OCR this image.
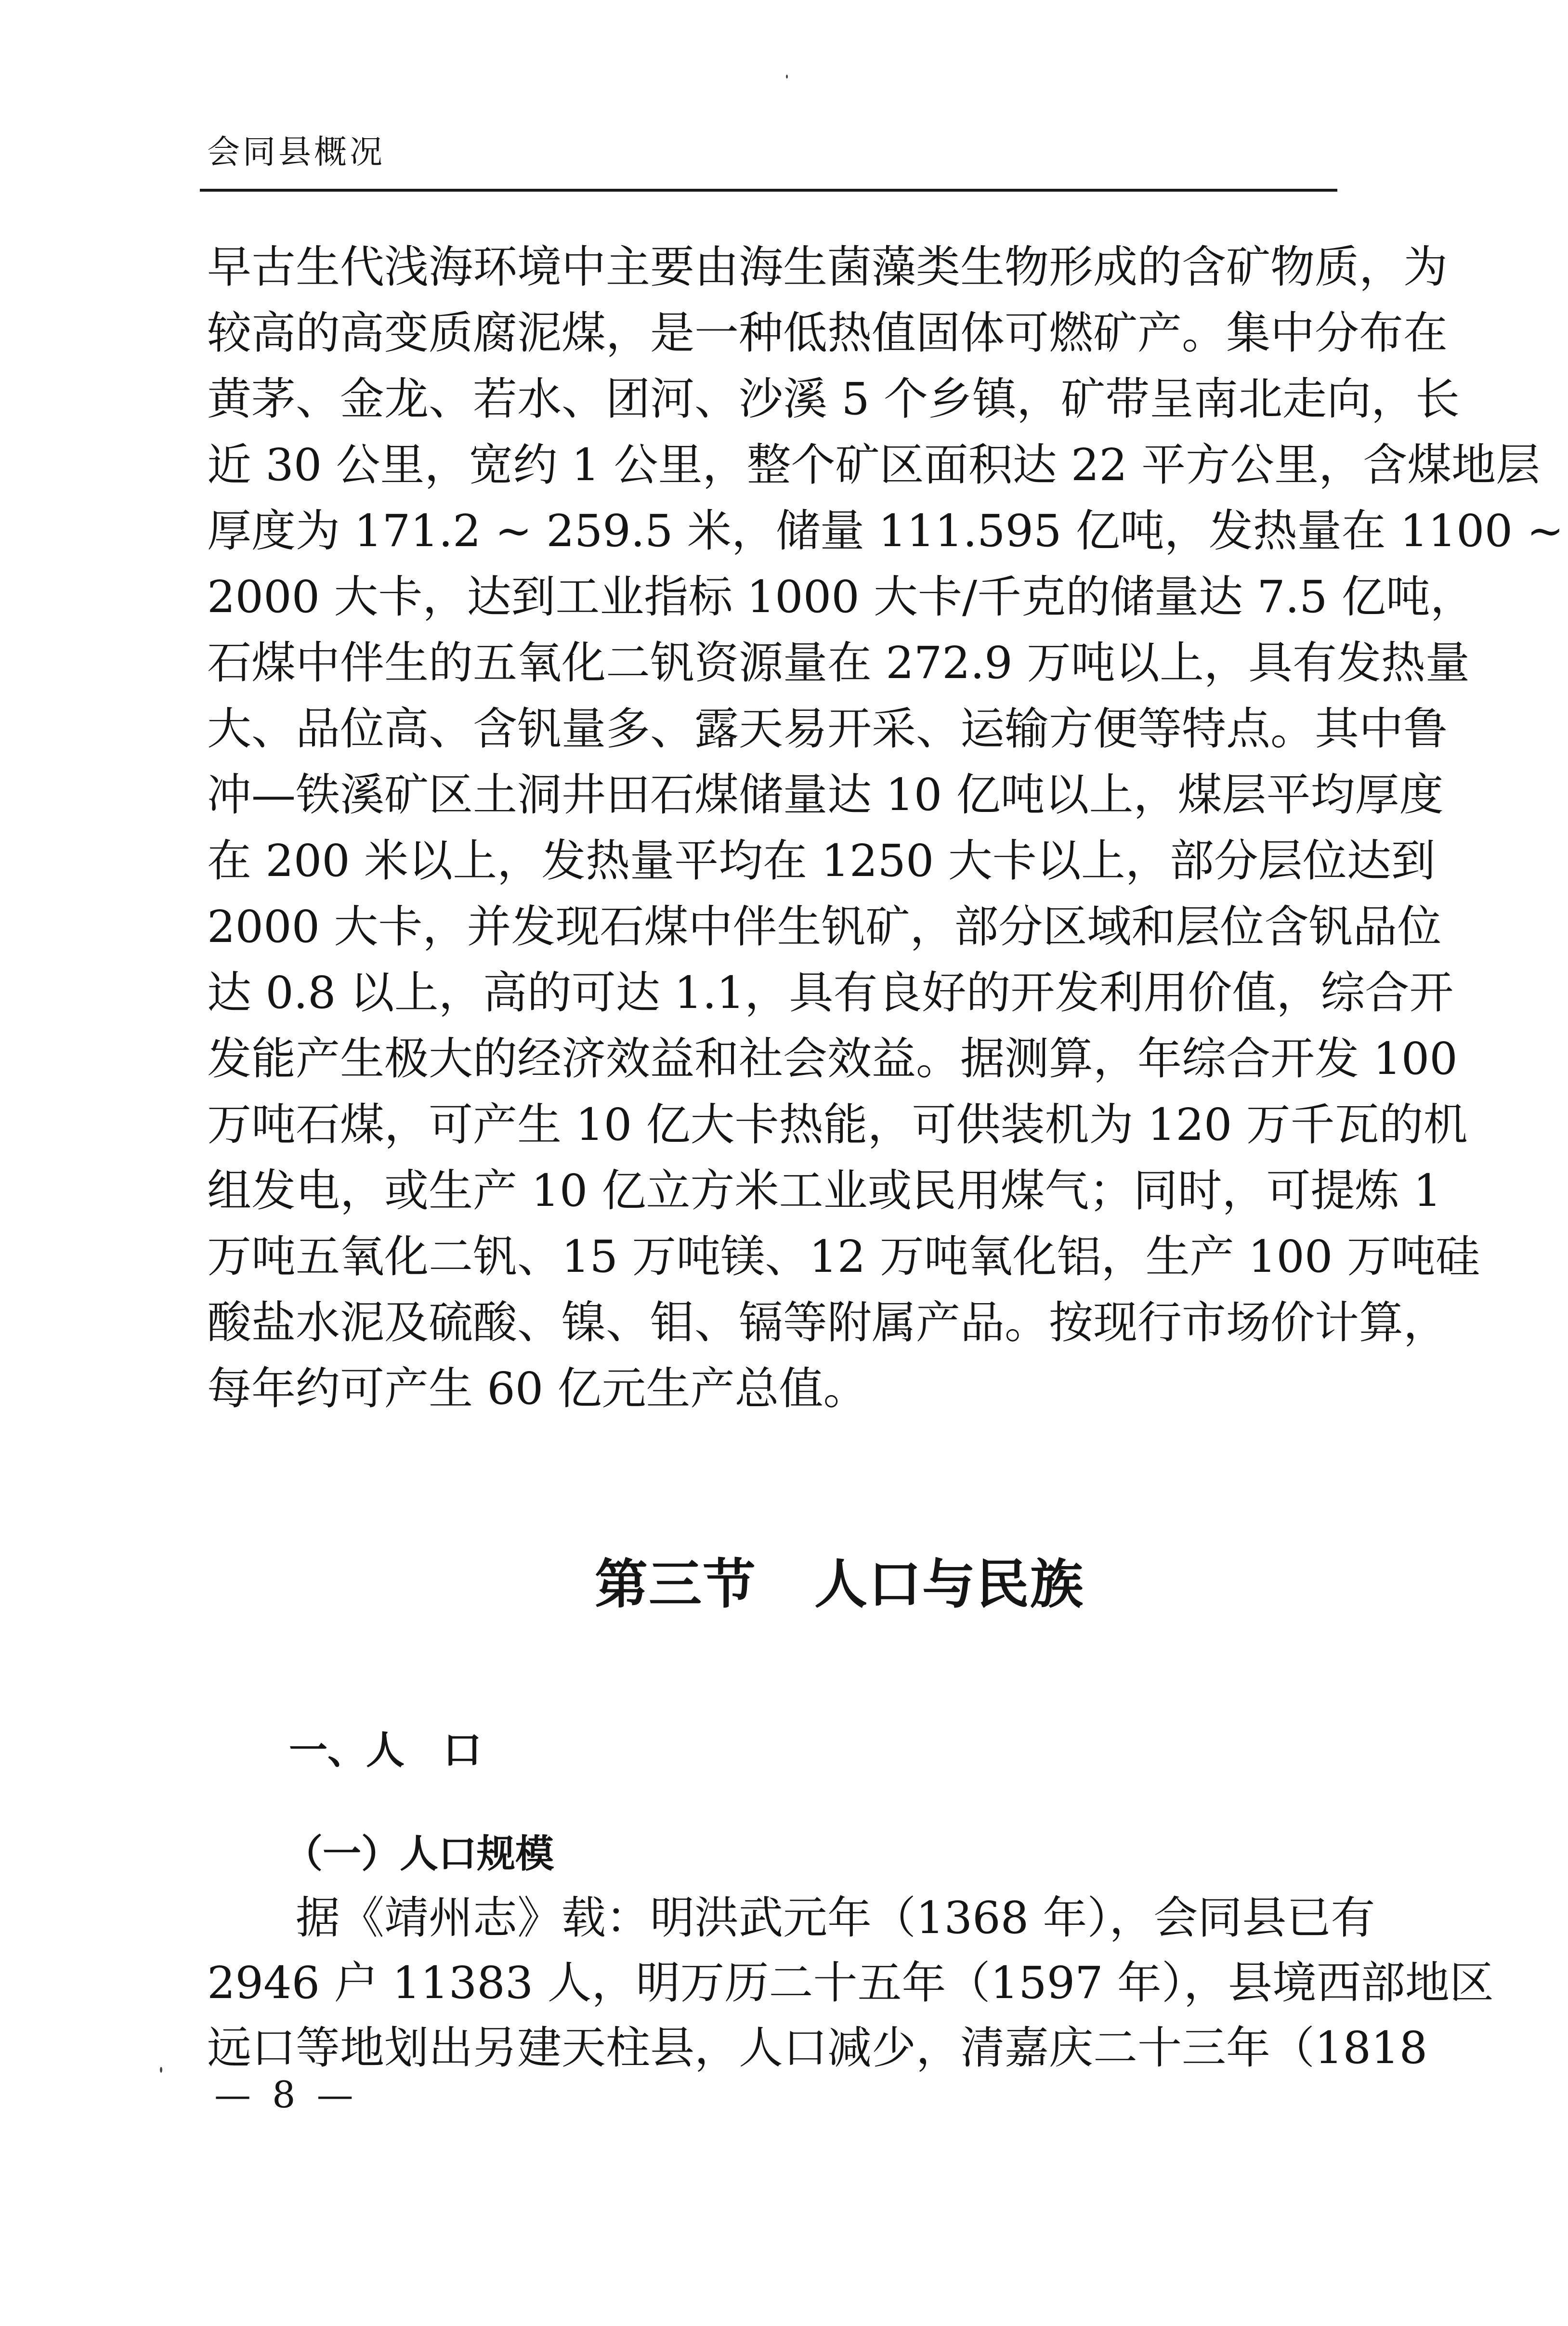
会同县概况
早古生代浅海环境中主要由海生菌藻类生物形成的含矿物质，为
较高的高变质腐泥煤，是一种低热值固体可燃矿产。集中分布在
黄茅、金龙、若水、团河、沙溪 5 个乡镇，矿带呈南北走向，长
近 30 公里，宽约 1 公里，整个矿区面积达 22 平方公里，含煤地层
厚度为 171.2 ~ 259.5 米，储量 111.595 亿吨，发热量在 1100 ~
2000 大卡，达到工业指标 1000 大卡/千克的储量达 7.5 亿吨，
石煤中伴生的五氧化二钒资源量在 272.9 万吨以上，具有发热量
大、品位高、含钒量多、露天易开采、运输方便等特点。其中鲁
冲—铁溪矿区土洞井田石煤储量达 10 亿吨以上，煤层平均厚度
在 200 米以上，发热量平均在 1250 大卡以上，部分层位达到
2000 大卡，并发现石煤中伴生钒矿，部分区域和层位含钒品位
达 0.8 以上，高的可达 1.1，具有良好的开发利用价值，综合开
发能产生极大的经济效益和社会效益。据测算，年综合开发 100
万吨石煤，可产生 10 亿大卡热能，可供装机为 120 万千瓦的机
组发电，或生产 10 亿立方米工业或民用煤气；同时，可提炼 1
万吨五氧化二钒、15 万吨镁、12 万吨氧化铝，生产 100 万吨硅
酸盐水泥及硫酸、镍、钼、镉等附属产品。按现行市场价计算，
每年约可产生 60 亿元生产总值。
第三节 人口与民族
一、人　口
（一）人口规模
　　据《靖州志》载：明洪武元年（1368 年），会同县已有
2946 户 11383 人，明万历二十五年（1597 年），县境西部地区
远口等地划出另建天柱县，人口减少，清嘉庆二十三年（1818
— 8 —
